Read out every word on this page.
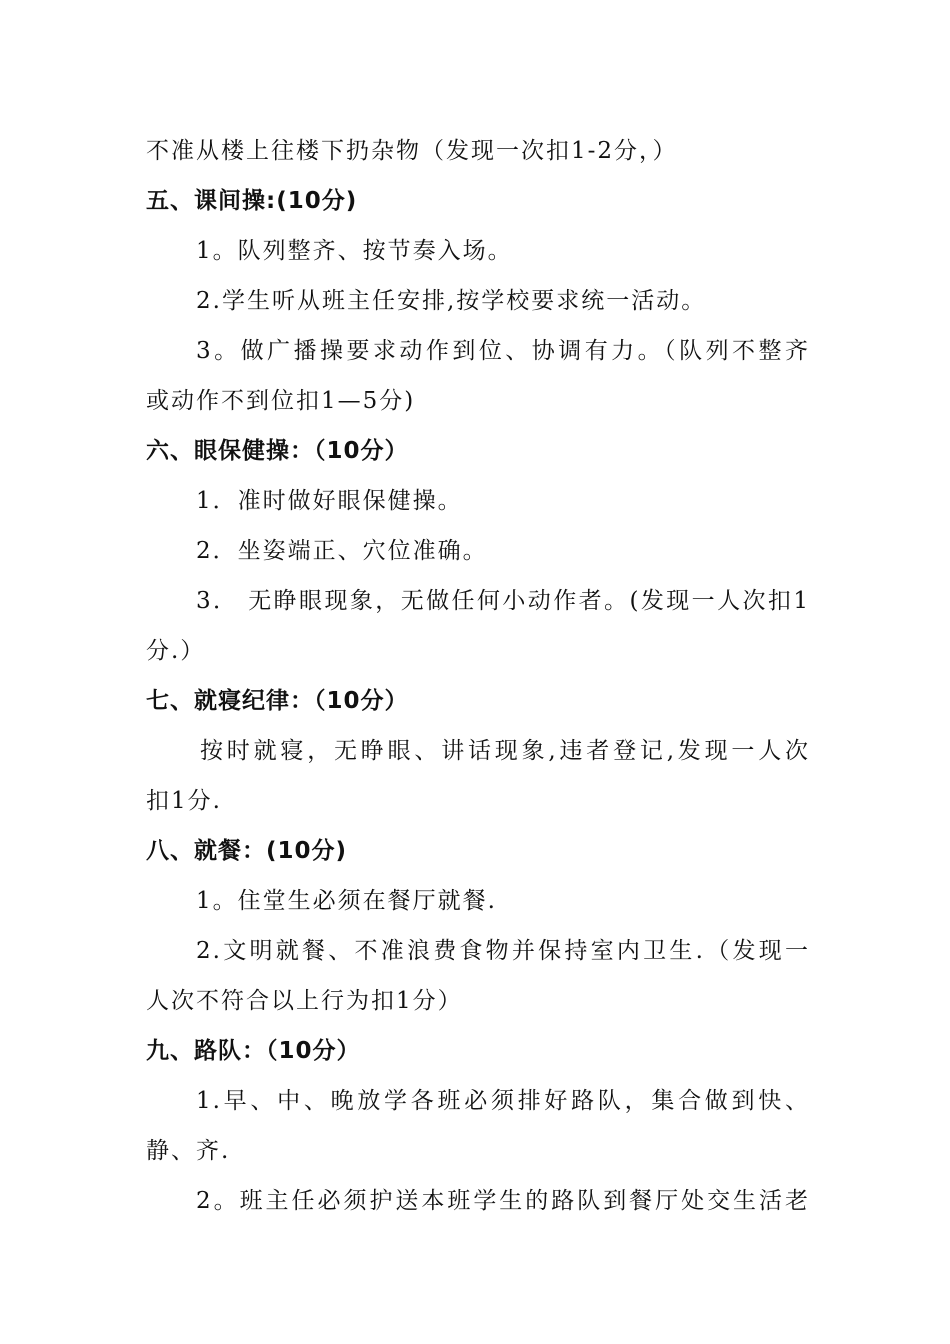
不准从楼上往楼下扔杂物（发现一次扣1-2分，）
五、课间操:(10分)
1。队列整齐、按节奏入场。
2.学生听从班主任安排,按学校要求统一活动。
3。做广播操要求动作到位、协调有力。（队列不整齐
或动作不到位扣1—5分)
六、眼保健操：（10分）
1．准时做好眼保健操。
2．坐姿端正、穴位准确。
3． 无睁眼现象，无做任何小动作者。(发现一人次扣1
分.）
七、就寝纪律：（10分）
按时就寝，无睁眼、讲话现象,违者登记,发现一人次
扣1分.
八、就餐：(10分)
1。住堂生必须在餐厅就餐.
2.文明就餐、不准浪费食物并保持室内卫生.（发现一
人次不符合以上行为扣1分）
九、路队：（10分）
1.早、中、晚放学各班必须排好路队，集合做到快、
静、齐.
2。班主任必须护送本班学生的路队到餐厅处交生活老
